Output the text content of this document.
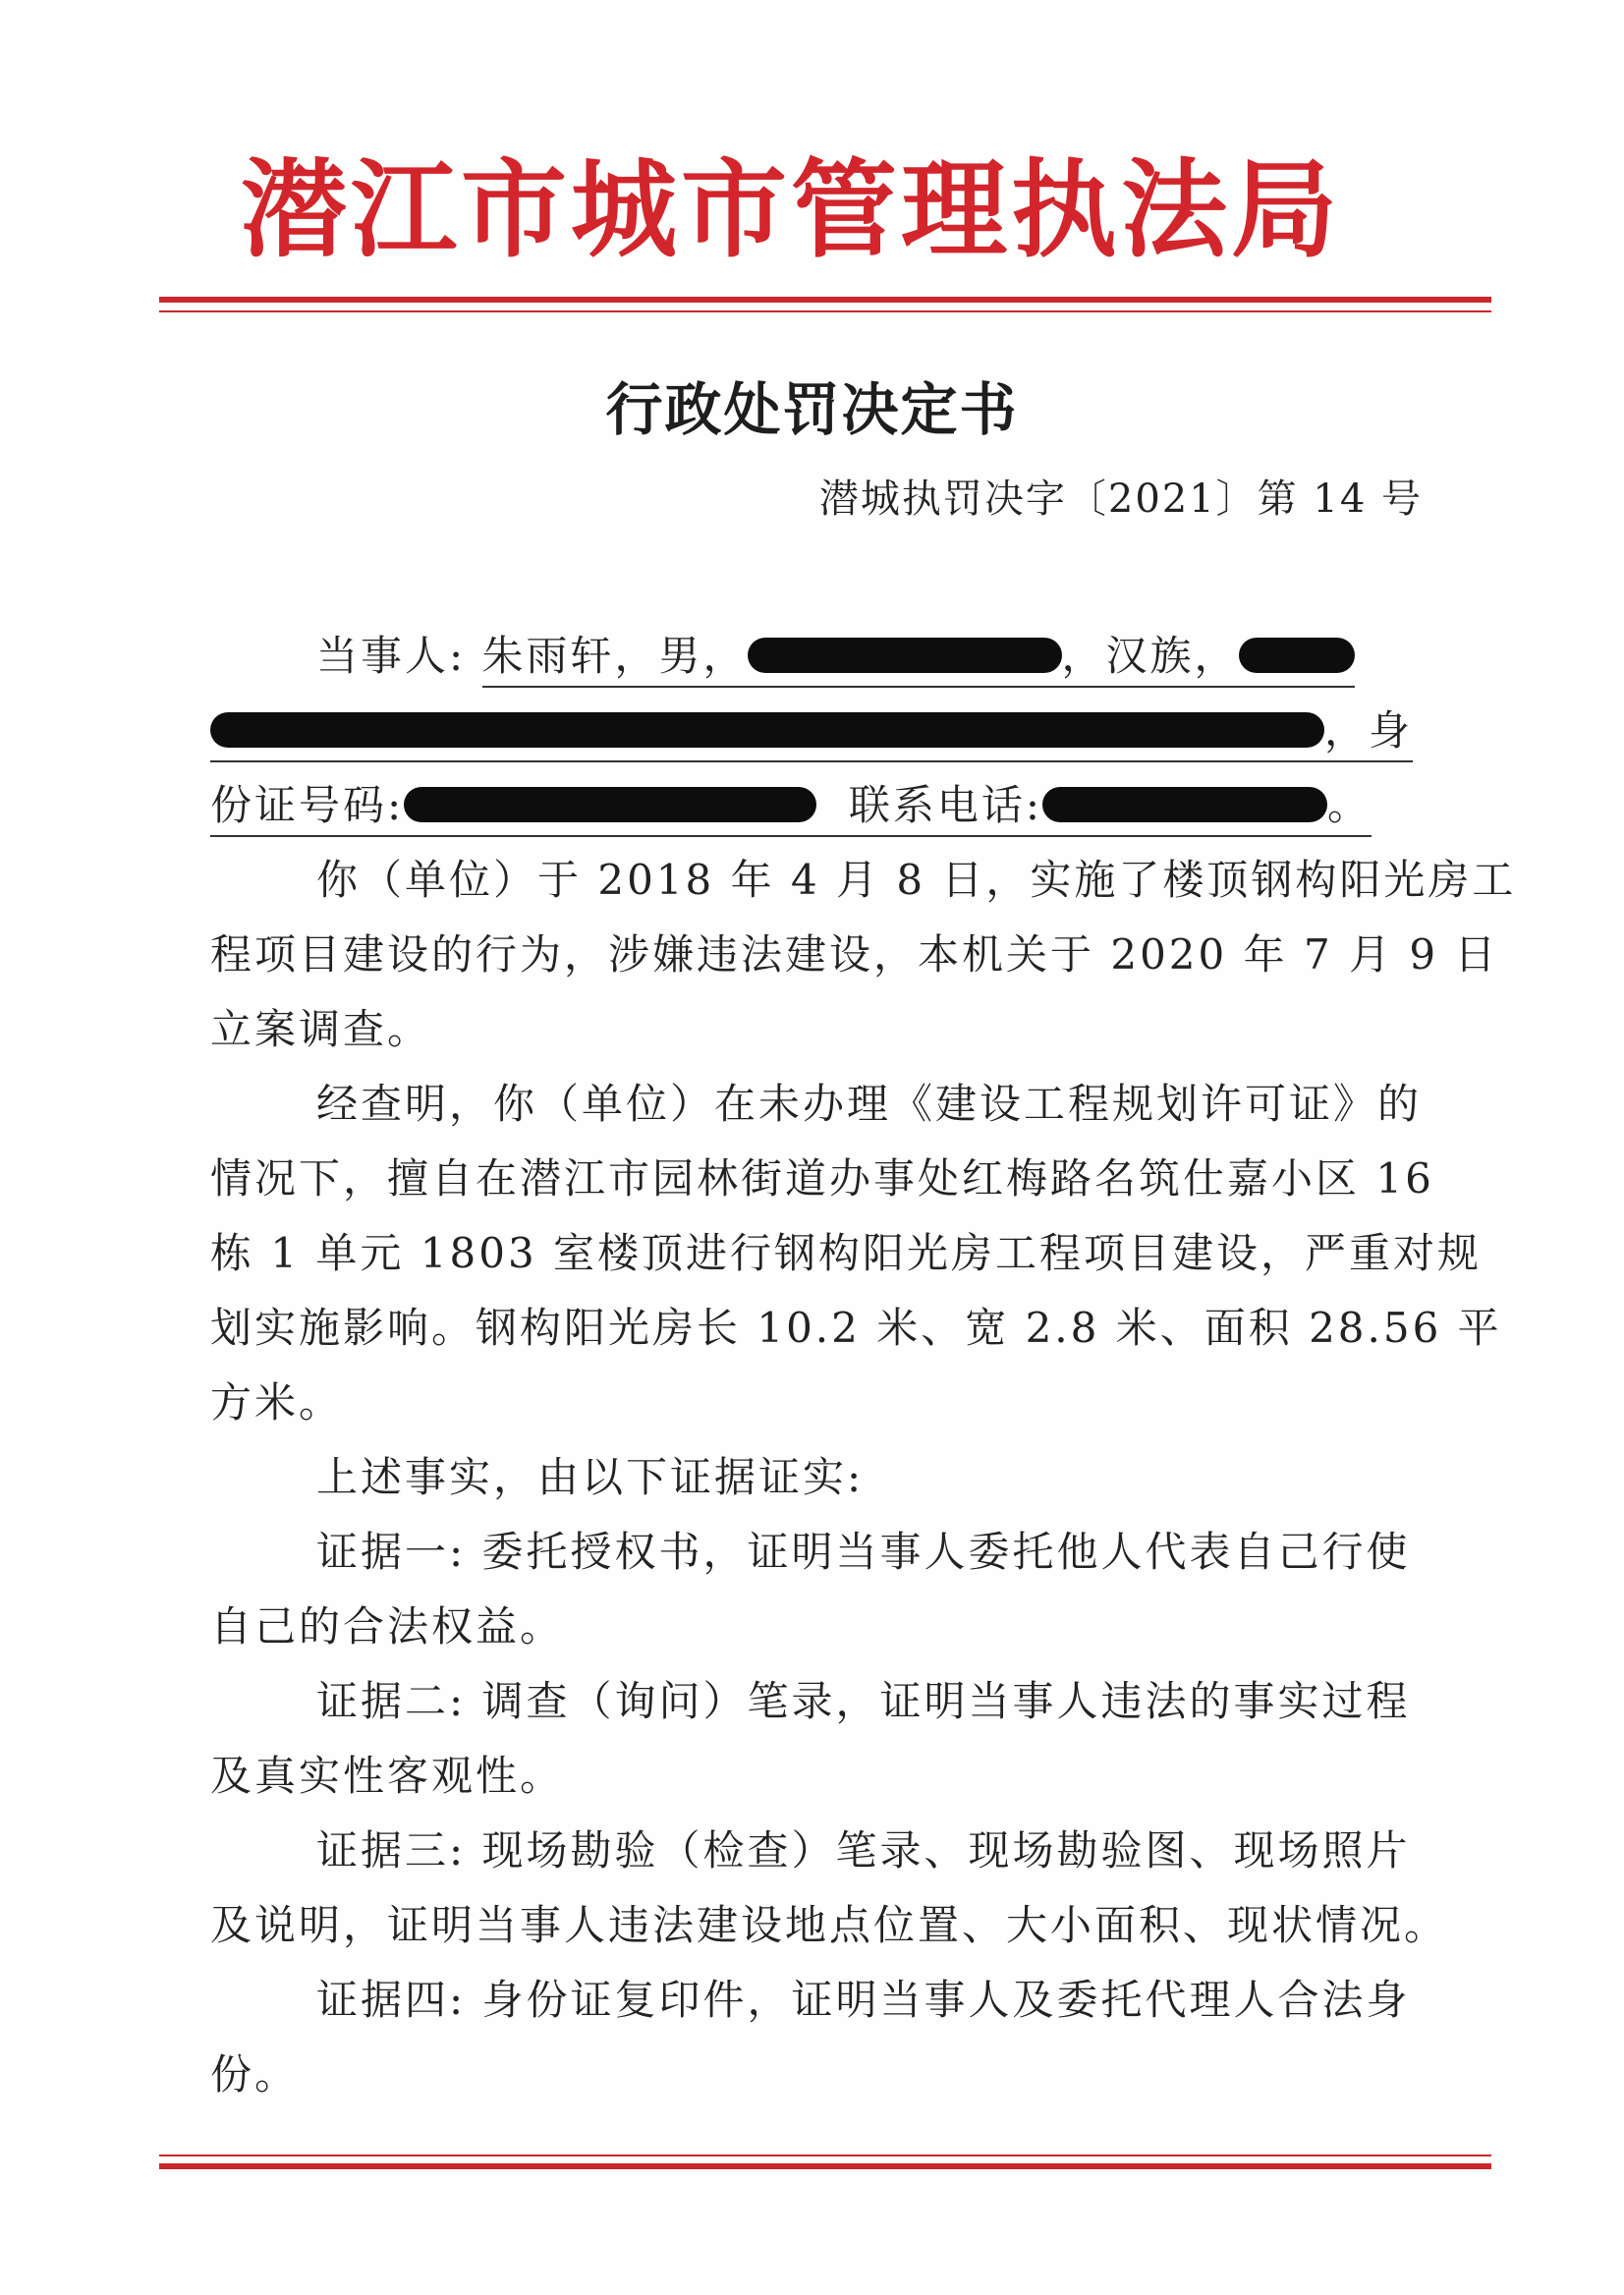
潜江市城市管理执法局
行政处罚决定书
潜城执罚决字〔2021〕第 14 号
当事人: 朱雨轩，男，	，汉族，
，身
份证号码:	联系电话:	。
你（单位）于 2018 年 4 月 8 日，实施了楼顶钢构阳光房工
程项目建设的行为，涉嫌违法建设，本机关于 2020 年 7 月 9 日
立案调查。
经查明，你（单位）在未办理《建设工程规划许可证》的
情况下，擅自在潜江市园林街道办事处红梅路名筑仕嘉小区 16
栋 1 单元 1803 室楼顶进行钢构阳光房工程项目建设，严重对规
划实施影响。钢构阳光房长 10.2 米、宽 2.8 米、面积 28.56 平
方米。
上述事实，由以下证据证实:
证据一: 委托授权书，证明当事人委托他人代表自己行使
自己的合法权益。
证据二: 调查（询问）笔录，证明当事人违法的事实过程
及真实性客观性。
证据三: 现场勘验（检查）笔录、现场勘验图、现场照片
及说明，证明当事人违法建设地点位置、大小面积、现状情况。
证据四: 身份证复印件，证明当事人及委托代理人合法身
份。
